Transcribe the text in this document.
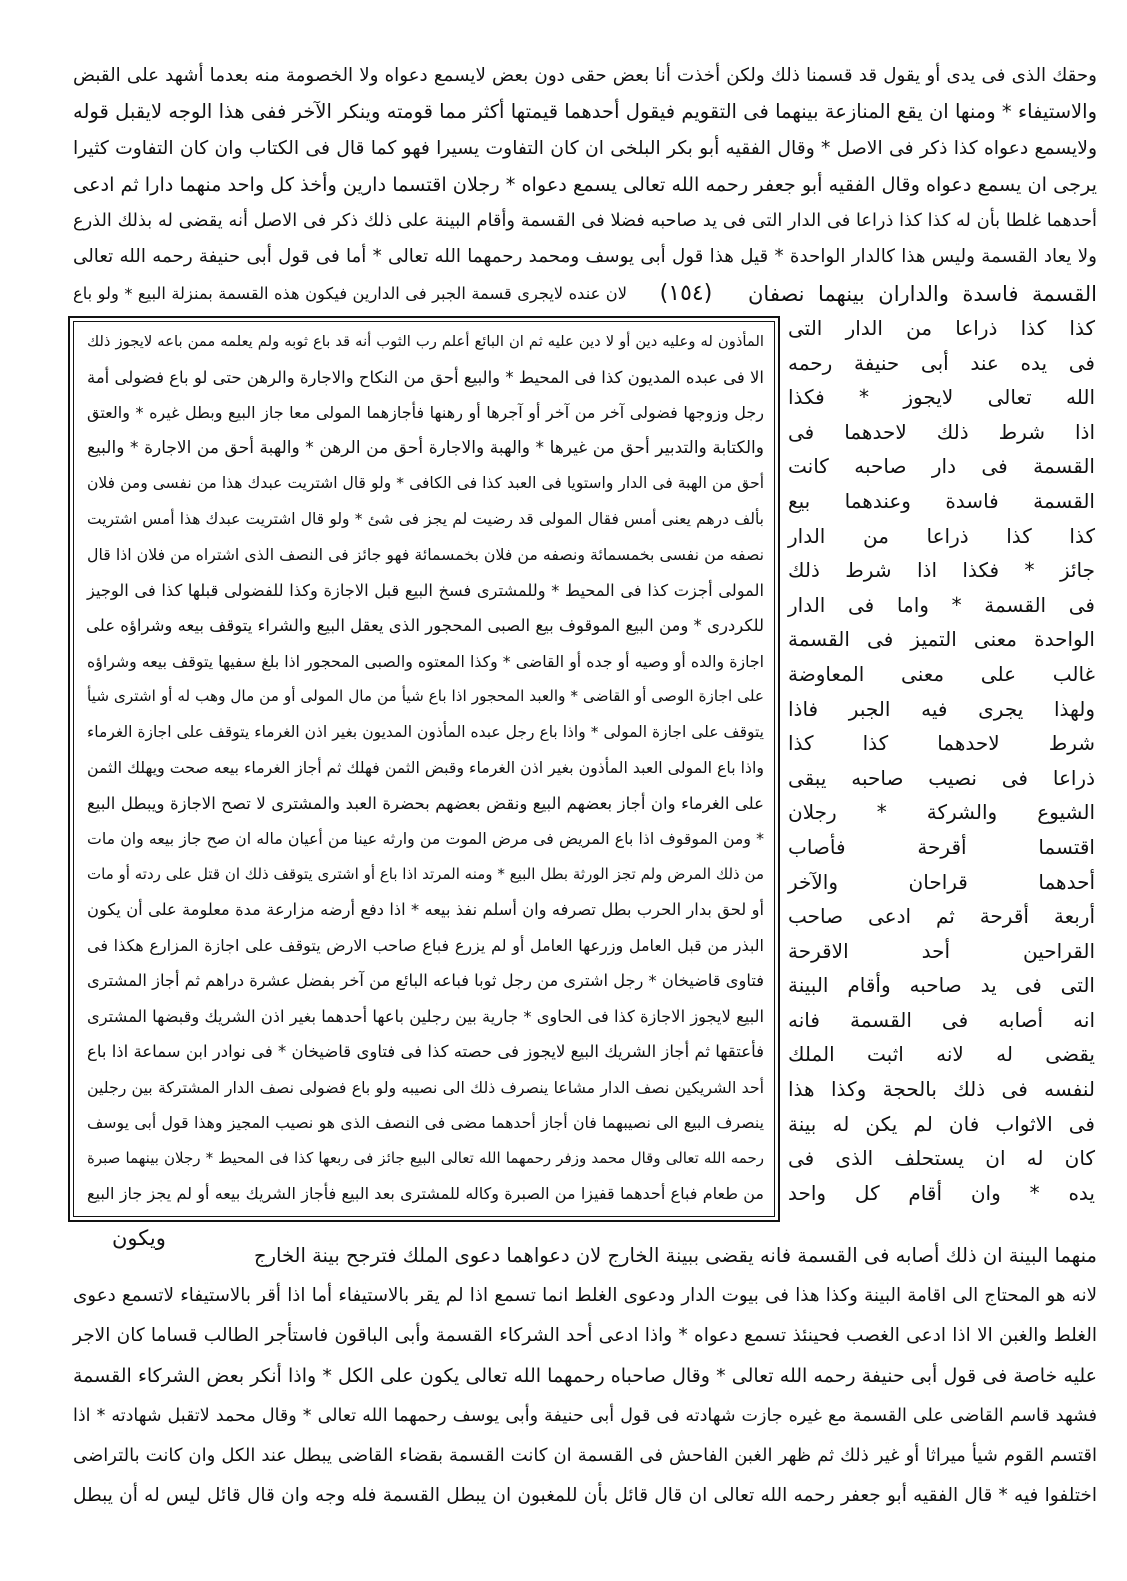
وحقك الذى فى يدى أو يقول قد قسمنا ذلك ولكن أخذت أنا بعض حقى دون بعض لايسمع دعواه ولا الخصومة منه بعدما أشهد على القبض
والاستيفاء * ومنها ان يقع المنازعة بينهما فى التقويم فيقول أحدهما قيمتها أكثر مما قومته وينكر الآخر ففى هذا الوجه لايقبل قوله
ولايسمع دعواه كذا ذكر فى الاصل * وقال الفقيه أبو بكر البلخى ان كان التفاوت يسيرا فهو كما قال فى الكتاب وان كان التفاوت كثيرا
يرجى ان يسمع دعواه وقال الفقيه أبو جعفر رحمه الله تعالى يسمع دعواه * رجلان اقتسما دارين وأخذ كل واحد منهما دارا ثم ادعى
أحدهما غلطا بأن له كذا كذا ذراعا فى الدار التى فى يد صاحبه فضلا فى القسمة وأقام البينة على ذلك ذكر فى الاصل أنه يقضى له بذلك الذرع
ولا يعاد القسمة وليس هذا كالدار الواحدة * قيل هذا قول أبى يوسف ومحمد رحمهما الله تعالى * أما فى قول أبى حنيفة رحمه الله تعالى
القسمة فاسدة والداران بينهما نصفان
(١٥٤)
لان عنده لايجرى قسمة الجبر فى الدارين فيكون هذه القسمة بمنزلة البيع * ولو باع
المأذون له وعليه دين أو لا دين عليه ثم ان البائع أعلم رب الثوب أنه قد باع ثوبه ولم يعلمه ممن باعه لايجوز ذلك
الا فى عبده المديون كذا فى المحيط * والبيع أحق من النكاح والاجارة والرهن حتى لو باع فضولى أمة
رجل وزوجها فضولى آخر من آخر أو آجرها أو رهنها فأجازهما المولى معا جاز البيع وبطل غيره * والعتق
والكتابة والتدبير أحق من غيرها * والهبة والاجارة أحق من الرهن * والهبة أحق من الاجارة * والبيع
أحق من الهبة فى الدار واستويا فى العبد كذا فى الكافى * ولو قال اشتريت عبدك هذا من نفسى ومن فلان
بألف درهم يعنى أمس فقال المولى قد رضيت لم يجز فى شئ * ولو قال اشتريت عبدك هذا أمس اشتريت
نصفه من نفسى بخمسمائة ونصفه من فلان بخمسمائة فهو جائز فى النصف الذى اشتراه من فلان اذا قال
المولى أجزت كذا فى المحيط * وللمشترى فسخ البيع قبل الاجازة وكذا للفضولى قبلها كذا فى الوجيز
للكردرى * ومن البيع الموقوف بيع الصبى المحجور الذى يعقل البيع والشراء يتوقف بيعه وشراؤه على
اجازة والده أو وصيه أو جده أو القاضى * وكذا المعتوه والصبى المحجور اذا بلغ سفيها يتوقف بيعه وشراؤه
على اجازة الوصى أو القاضى * والعبد المحجور اذا باع شيأ من مال المولى أو من مال وهب له أو اشترى شيأ
يتوقف على اجازة المولى * واذا باع رجل عبده المأذون المديون بغير اذن الغرماء يتوقف على اجازة الغرماء
واذا باع المولى العبد المأذون بغير اذن الغرماء وقبض الثمن فهلك ثم أجاز الغرماء بيعه صحت ويهلك الثمن
على الغرماء وان أجاز بعضهم البيع ونقض بعضهم بحضرة العبد والمشترى لا تصح الاجازة ويبطل البيع
* ومن الموقوف اذا باع المريض فى مرض الموت من وارثه عينا من أعيان ماله ان صح جاز بيعه وان مات
من ذلك المرض ولم تجز الورثة بطل البيع * ومنه المرتد اذا باع أو اشترى يتوقف ذلك ان قتل على ردته أو مات
أو لحق بدار الحرب بطل تصرفه وان أسلم نفذ بيعه * اذا دفع أرضه مزارعة مدة معلومة على أن يكون
البذر من قبل العامل وزرعها العامل أو لم يزرع فباع صاحب الارض يتوقف على اجازة المزارع هكذا فى
فتاوى قاضيخان * رجل اشترى من رجل ثوبا فباعه البائع من آخر بفضل عشرة دراهم ثم أجاز المشترى
البيع لايجوز الاجازة كذا فى الحاوى * جارية بين رجلين باعها أحدهما بغير اذن الشريك وقبضها المشترى
فأعتقها ثم أجاز الشريك البيع لايجوز فى حصته كذا فى فتاوى قاضيخان * فى نوادر ابن سماعة اذا باع
أحد الشريكين نصف الدار مشاعا ينصرف ذلك الى نصيبه ولو باع فضولى نصف الدار المشتركة بين رجلين
ينصرف البيع الى نصيبهما فان أجاز أحدهما مضى فى النصف الذى هو نصيب المجيز وهذا قول أبى يوسف
رحمه الله تعالى وقال محمد وزفر رحمهما الله تعالى البيع جائز فى ربعها كذا فى المحيط * رجلان بينهما صبرة
من طعام فباع أحدهما قفيزا من الصبرة وكاله للمشترى بعد البيع فأجاز الشريك بيعه أو لم يجز جاز البيع
كذا كذا ذراعا من الدار التى
فى يده عند أبى حنيفة رحمه
الله تعالى لايجوز * فكذا
اذا شرط ذلك لاحدهما فى
القسمة فى دار صاحبه كانت
القسمة فاسدة وعندهما بيع
كذا كذا ذراعا من الدار
جائز * فكذا اذا شرط ذلك
فى القسمة * واما فى الدار
الواحدة معنى التميز فى القسمة
غالب على معنى المعاوضة
ولهذا يجرى فيه الجبر فاذا
شرط لاحدهما كذا كذا
ذراعا فى نصيب صاحبه يبقى
الشيوع والشركة * رجلان
اقتسما أقرحة فأصاب
أحدهما قراحان والآخر
أربعة أقرحة ثم ادعى صاحب
القراحين أحد الاقرحة
التى فى يد صاحبه وأقام البينة
انه أصابه فى القسمة فانه
يقضى له لانه اثبت الملك
لنفسه فى ذلك بالحجة وكذا هذا
فى الاثواب فان لم يكن له بينة
كان له ان يستحلف الذى فى
يده * وان أقام كل واحد
ويكون
منهما البينة ان ذلك أصابه فى القسمة فانه يقضى ببينة الخارج لان دعواهما دعوى الملك فترجح بينة الخارج
لانه هو المحتاج الى اقامة البينة وكذا هذا فى بيوت الدار ودعوى الغلط انما تسمع اذا لم يقر بالاستيفاء أما اذا أقر بالاستيفاء لاتسمع دعوى
الغلط والغبن الا اذا ادعى الغصب فحينئذ تسمع دعواه * واذا ادعى أحد الشركاء القسمة وأبى الباقون فاستأجر الطالب قساما كان الاجر
عليه خاصة فى قول أبى حنيفة رحمه الله تعالى * وقال صاحباه رحمهما الله تعالى يكون على الكل * واذا أنكر بعض الشركاء القسمة
فشهد قاسم القاضى على القسمة مع غيره جازت شهادته فى قول أبى حنيفة وأبى يوسف رحمهما الله تعالى * وقال محمد لاتقبل شهادته * اذا
اقتسم القوم شيأ ميراثا أو غير ذلك ثم ظهر الغبن الفاحش فى القسمة ان كانت القسمة بقضاء القاضى يبطل عند الكل وان كانت بالتراضى
اختلفوا فيه * قال الفقيه أبو جعفر رحمه الله تعالى ان قال قائل بأن للمغبون ان يبطل القسمة فله وجه وان قال قائل ليس له أن يبطل
